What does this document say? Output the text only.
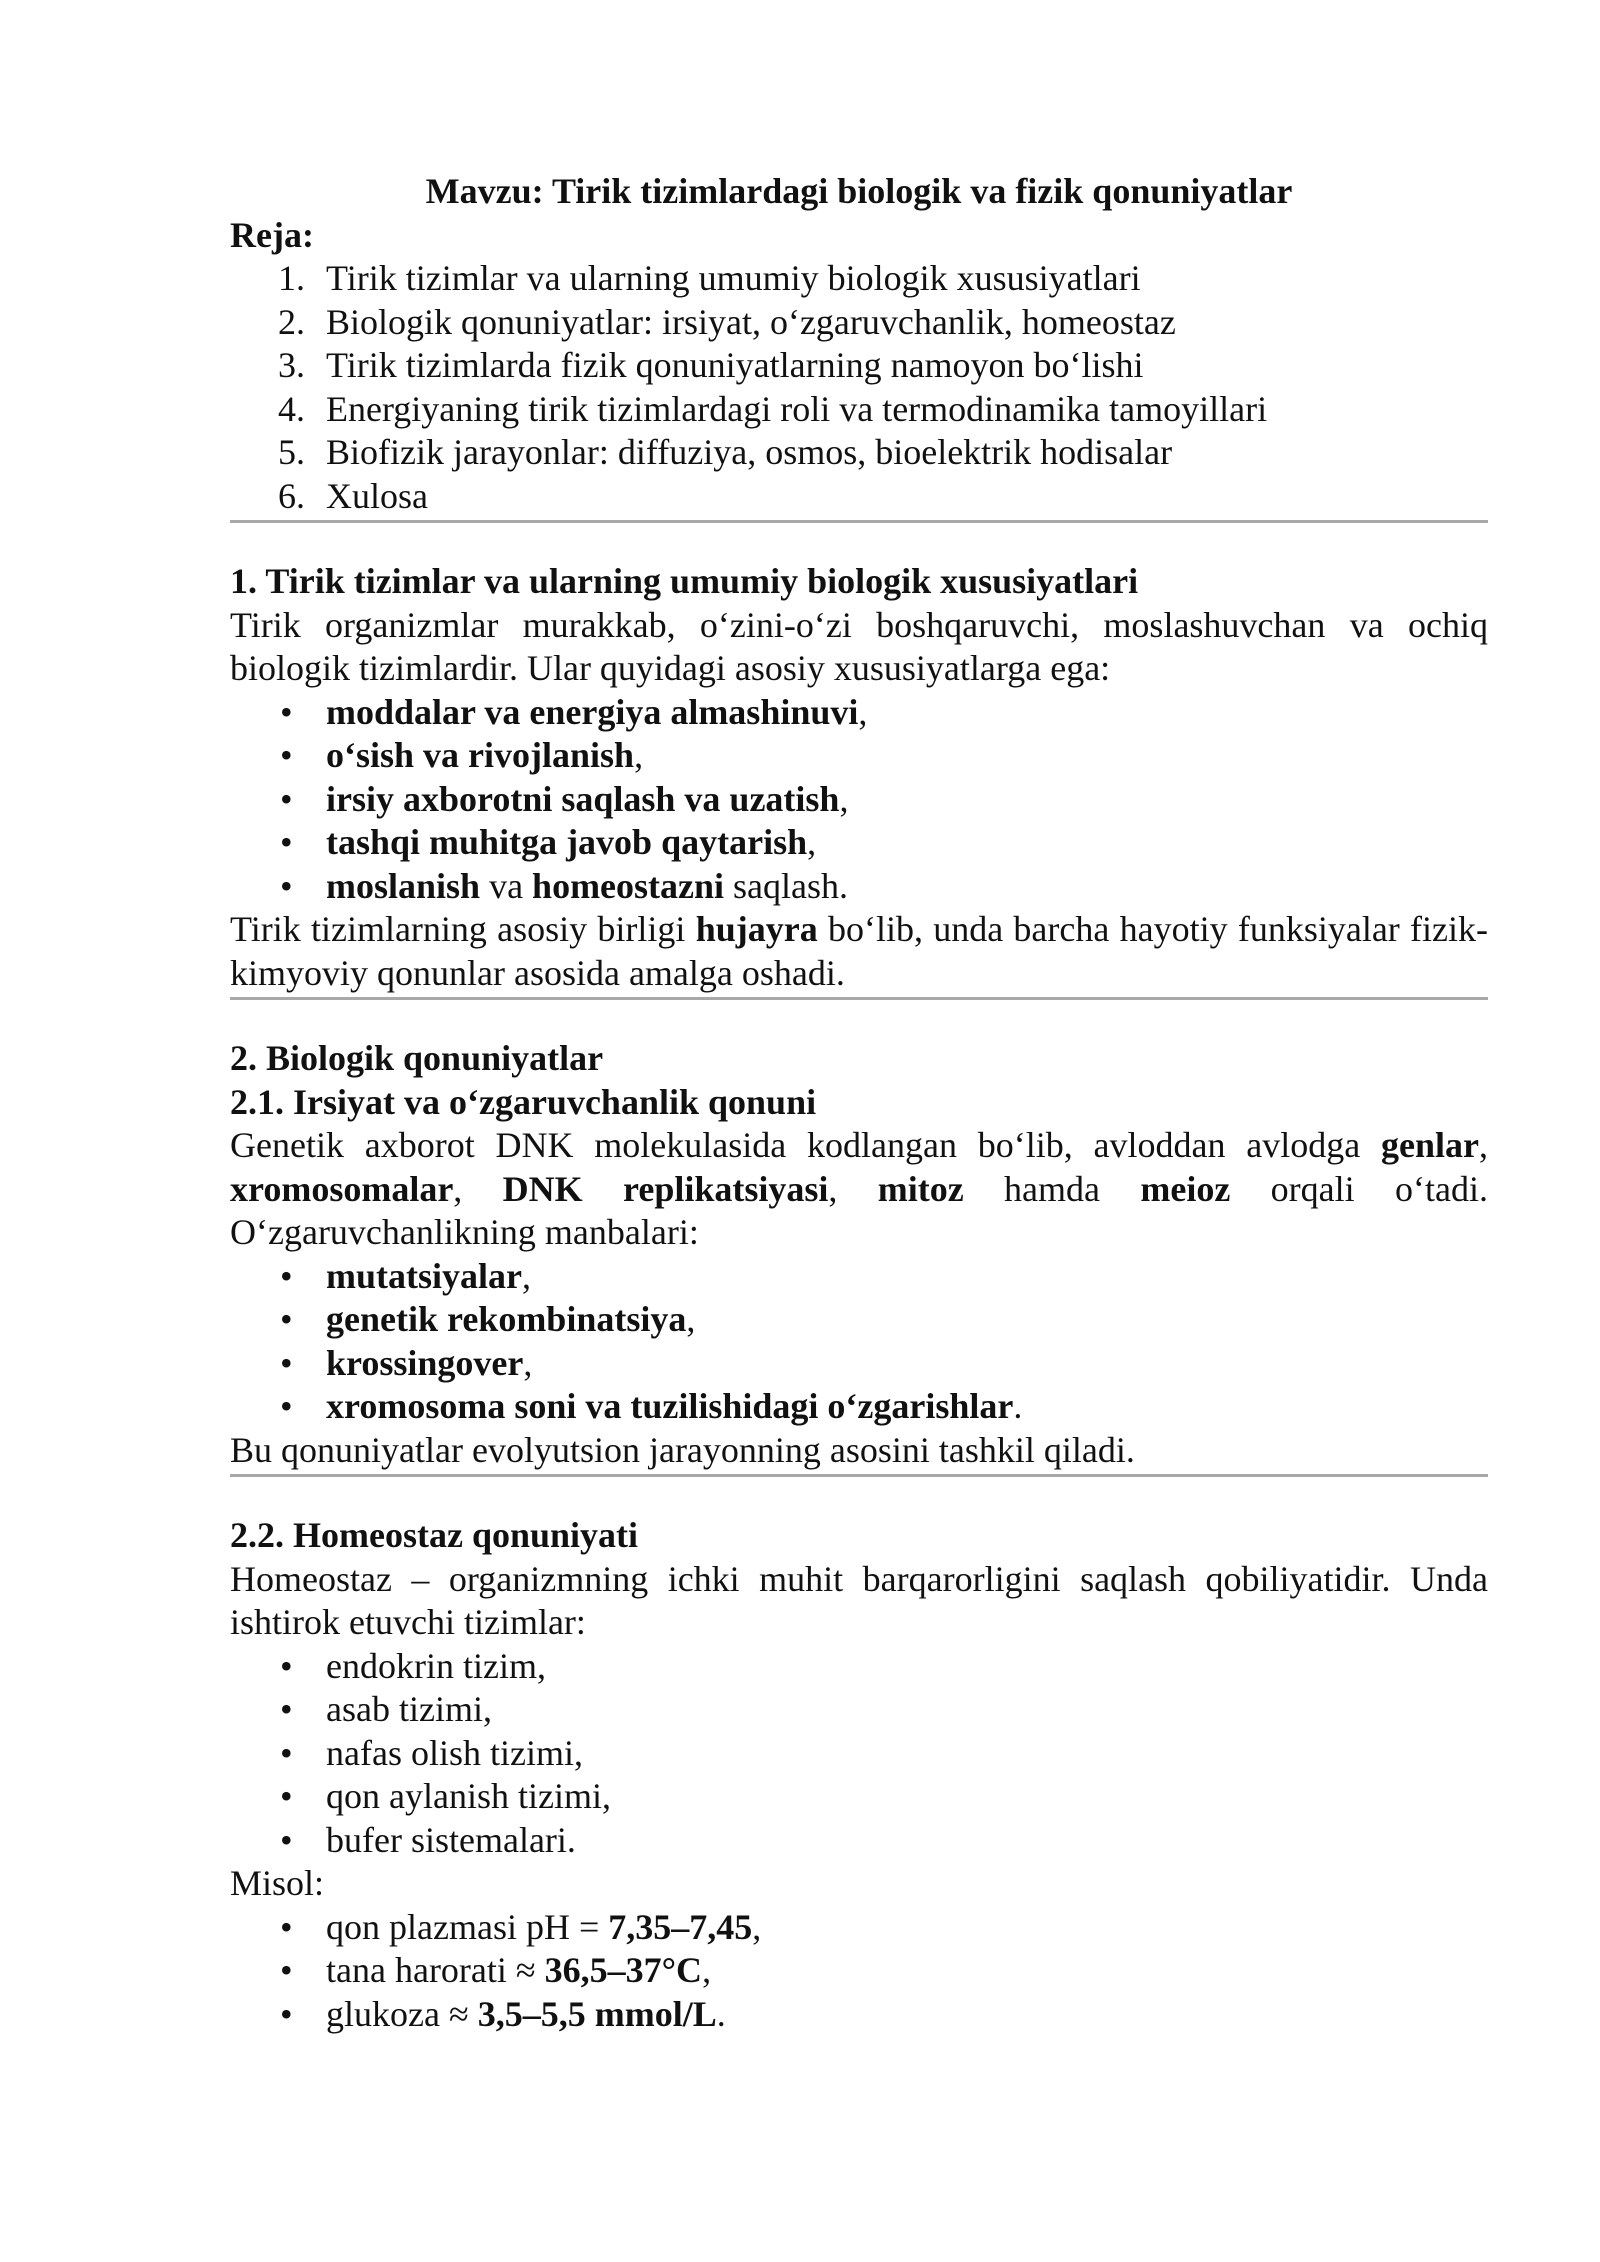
Mavzu: Tirik tizimlardagi biologik va fizik qonuniyatlar

Reja:

1. Tirik tizimlar va ularning umumiy biologik xususiyatlari
2. Biologik qonuniyatlar: irsiyat, o‘zgaruvchanlik, homeostaz
3. Tirik tizimlarda fizik qonuniyatlarning namoyon bo‘lishi
4. Energiyaning tirik tizimlardagi roli va termodinamika tamoyillari
5. Biofizik jarayonlar: diffuziya, osmos, bioelektrik hodisalar
6. Xulosa

1. Tirik tizimlar va ularning umumiy biologik xususiyatlari

Tirik organizmlar murakkab, o‘zini-o‘zi boshqaruvchi, moslashuvchan va ochiq biologik tizimlardir. Ular quyidagi asosiy xususiyatlarga ega:

• moddalar va energiya almashinuvi,
• o‘sish va rivojlanish,
• irsiy axborotni saqlash va uzatish,
• tashqi muhitga javob qaytarish,
• moslanish va homeostazni saqlash.

Tirik tizimlarning asosiy birligi hujayra bo‘lib, unda barcha hayotiy funksiyalar fizik-kimyoviy qonunlar asosida amalga oshadi.

2. Biologik qonuniyatlar

2.1. Irsiyat va o‘zgaruvchanlik qonuni

Genetik axborot DNK molekulasida kodlangan bo‘lib, avloddan avlodga genlar, xromosomalar, DNK replikatsiyasi, mitoz hamda meioz orqali o‘tadi. O‘zgaruvchanlikning manbalari:

• mutatsiyalar,
• genetik rekombinatsiya,
• krossingover,
• xromosoma soni va tuzilishidagi o‘zgarishlar.

Bu qonuniyatlar evolyutsion jarayonning asosini tashkil qiladi.

2.2. Homeostaz qonuniyati

Homeostaz – organizmning ichki muhit barqarorligini saqlash qobiliyatidir. Unda ishtirok etuvchi tizimlar:

• endokrin tizim,
• asab tizimi,
• nafas olish tizimi,
• qon aylanish tizimi,
• bufer sistemalari.

Misol:

• qon plazmasi pH = 7,35–7,45,
• tana harorati ≈ 36,5–37°C,
• glukoza ≈ 3,5–5,5 mmol/L.
